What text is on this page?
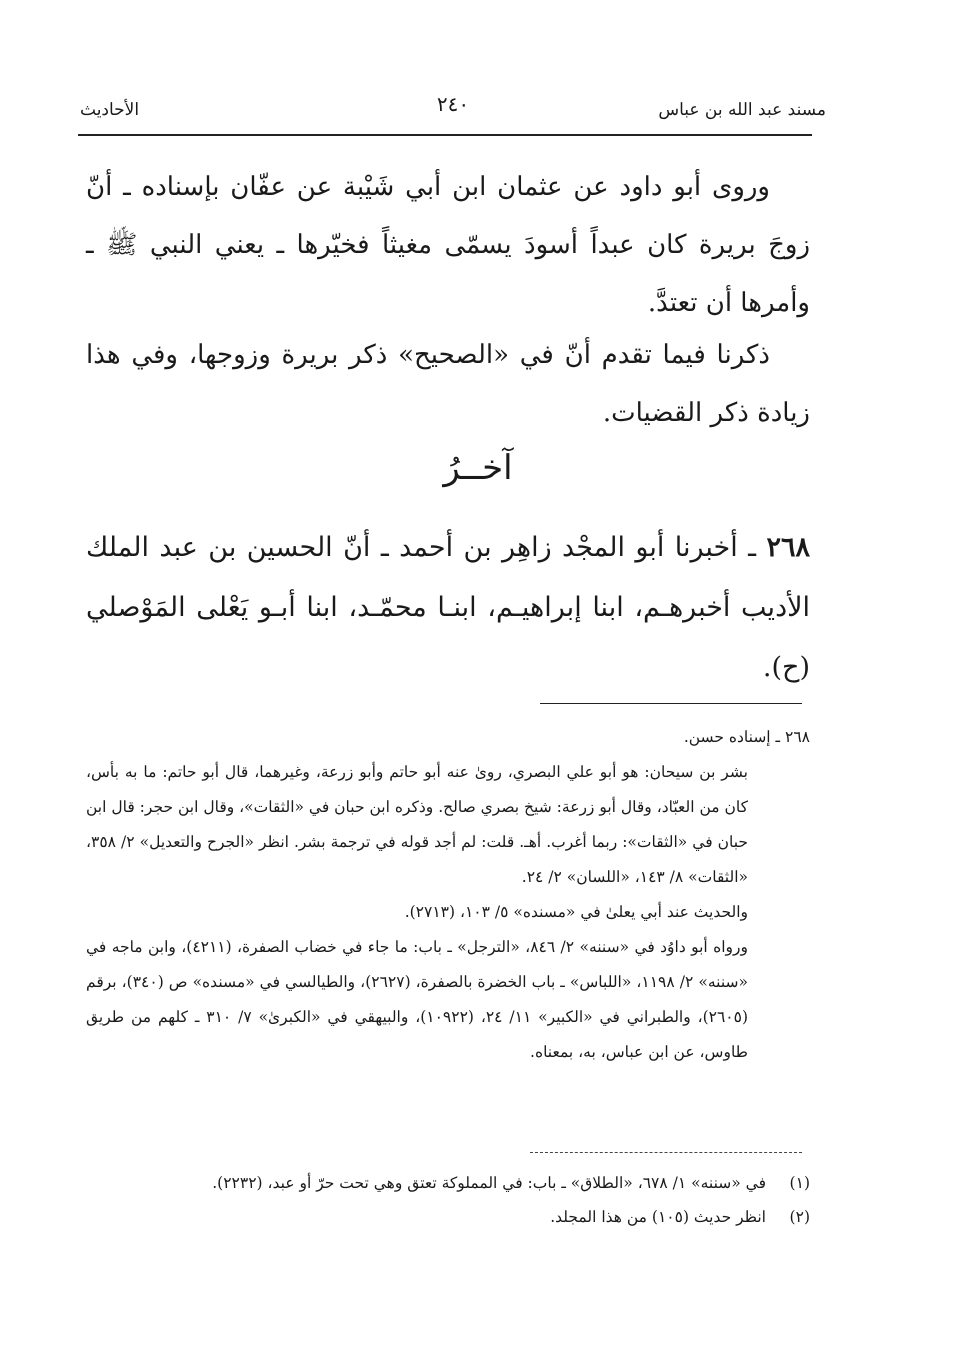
مسند عبد الله بن عباس
٢٤٠
الأحاديث
وروى أبو داود عن عثمان ابن أبي شَيْبة عن عفّان بإسناده ـ أنّ زوجَ بريرة كان عبداً أسودَ يسمّى مغيثاً فخيّرها ـ يعني النبي ﷺ ـ وأمرها أن تعتدَّ.
ذكرنا فيما تقدم أنّ في «الصحيح» ذكر بريرة وزوجها، وفي هذا زيادة ذكر القضيات.
آخــرُ
٢٦٨ ـ أخبرنا أبو المجْد زاهِر بن أحمد ـ أنّ الحسين بن عبد الملك الأديب أخبرهـم، ابنا إبراهيـم، ابنـا محمّـد، ابنا أبـو يَعْلى المَوْصلي (ح).

٢٦٨ ـ إسناده حسن.

بشر بن سيحان: هو أبو علي البصري، روىٰ عنه أبو حاتم وأبو زرعة، وغيرهما، قال أبو حاتم: ما به بأس، كان من العبّاد، وقال أبو زرعة: شيخ بصري صالح. وذكره ابن حبان في «الثقات»، وقال ابن حجر: قال ابن حبان في «الثقات»: ربما أغرب. أهـ. قلت: لم أجد قوله في ترجمة بشر. انظر «الجرح والتعديل» ٢/ ٣٥٨، «الثقات» ٨/ ١٤٣، «اللسان» ٢/ ٢٤.

والحديث عند أبي يعلىٰ في «مسنده» ٥/ ١٠٣، (٢٧١٣).

ورواه أبو داوُد في «سننه» ٢/ ٨٤٦، «الترجل» ـ باب: ما جاء في خضاب الصفرة، (٤٢١١)، وابن ماجه في «سننه» ٢/ ١١٩٨، «اللباس» ـ باب الخضرة بالصفرة، (٢٦٢٧)، والطيالسي في «مسنده» ص (٣٤٠)، برقم (٢٦٠٥)، والطبراني في «الكبير» ١١/ ٢٤، (١٠٩٢٢)، والبيهقي في «الكبرىٰ» ٧/ ٣١٠ ـ كلهم من طريق طاوس، عن ابن عباس، به، بمعناه.

(١)
في «سننه» ١/ ٦٧٨، «الطلاق» ـ باب: في المملوكة تعتق وهي تحت حرّ أو عبد، (٢٢٣٢).
(٢)
انظر حديث (١٠٥) من هذا المجلد.
